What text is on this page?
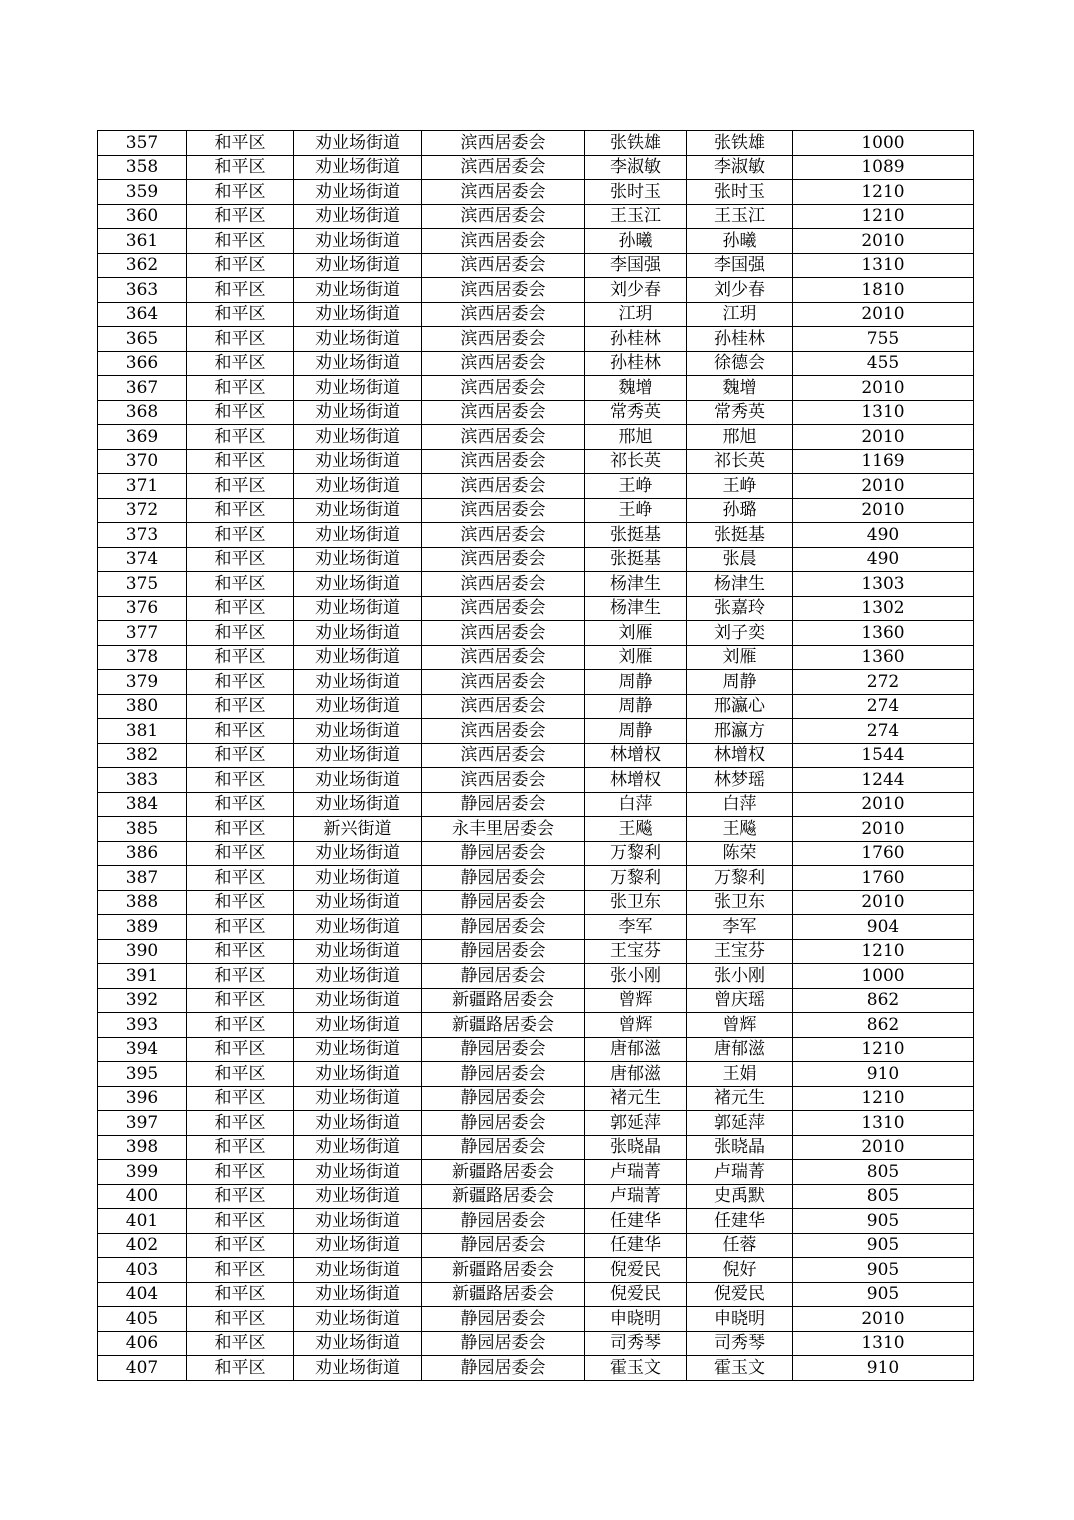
357	和平区	劝业场街道	滨西居委会	张铁雄	张铁雄	1000
358	和平区	劝业场街道	滨西居委会	李淑敏	李淑敏	1089
359	和平区	劝业场街道	滨西居委会	张时玉	张时玉	1210
360	和平区	劝业场街道	滨西居委会	王玉江	王玉江	1210
361	和平区	劝业场街道	滨西居委会	孙曦	孙曦	2010
362	和平区	劝业场街道	滨西居委会	李国强	李国强	1310
363	和平区	劝业场街道	滨西居委会	刘少春	刘少春	1810
364	和平区	劝业场街道	滨西居委会	江玥	江玥	2010
365	和平区	劝业场街道	滨西居委会	孙桂林	孙桂林	755
366	和平区	劝业场街道	滨西居委会	孙桂林	徐德会	455
367	和平区	劝业场街道	滨西居委会	魏增	魏增	2010
368	和平区	劝业场街道	滨西居委会	常秀英	常秀英	1310
369	和平区	劝业场街道	滨西居委会	邢旭	邢旭	2010
370	和平区	劝业场街道	滨西居委会	祁长英	祁长英	1169
371	和平区	劝业场街道	滨西居委会	王峥	王峥	2010
372	和平区	劝业场街道	滨西居委会	王峥	孙璐	2010
373	和平区	劝业场街道	滨西居委会	张挺基	张挺基	490
374	和平区	劝业场街道	滨西居委会	张挺基	张晨	490
375	和平区	劝业场街道	滨西居委会	杨津生	杨津生	1303
376	和平区	劝业场街道	滨西居委会	杨津生	张嘉玲	1302
377	和平区	劝业场街道	滨西居委会	刘雁	刘子奕	1360
378	和平区	劝业场街道	滨西居委会	刘雁	刘雁	1360
379	和平区	劝业场街道	滨西居委会	周静	周静	272
380	和平区	劝业场街道	滨西居委会	周静	邢瀛心	274
381	和平区	劝业场街道	滨西居委会	周静	邢瀛方	274
382	和平区	劝业场街道	滨西居委会	林增权	林增权	1544
383	和平区	劝业场街道	滨西居委会	林增权	林梦瑶	1244
384	和平区	劝业场街道	静园居委会	白萍	白萍	2010
385	和平区	新兴街道	永丰里居委会	王飚	王飚	2010
386	和平区	劝业场街道	静园居委会	万黎利	陈荣	1760
387	和平区	劝业场街道	静园居委会	万黎利	万黎利	1760
388	和平区	劝业场街道	静园居委会	张卫东	张卫东	2010
389	和平区	劝业场街道	静园居委会	李军	李军	904
390	和平区	劝业场街道	静园居委会	王宝芬	王宝芬	1210
391	和平区	劝业场街道	静园居委会	张小刚	张小刚	1000
392	和平区	劝业场街道	新疆路居委会	曾辉	曾庆瑶	862
393	和平区	劝业场街道	新疆路居委会	曾辉	曾辉	862
394	和平区	劝业场街道	静园居委会	唐郁滋	唐郁滋	1210
395	和平区	劝业场街道	静园居委会	唐郁滋	王娟	910
396	和平区	劝业场街道	静园居委会	褚元生	褚元生	1210
397	和平区	劝业场街道	静园居委会	郭延萍	郭延萍	1310
398	和平区	劝业场街道	静园居委会	张晓晶	张晓晶	2010
399	和平区	劝业场街道	新疆路居委会	卢瑞菁	卢瑞菁	805
400	和平区	劝业场街道	新疆路居委会	卢瑞菁	史禹默	805
401	和平区	劝业场街道	静园居委会	任建华	任建华	905
402	和平区	劝业场街道	静园居委会	任建华	任蓉	905
403	和平区	劝业场街道	新疆路居委会	倪爱民	倪好	905
404	和平区	劝业场街道	新疆路居委会	倪爱民	倪爱民	905
405	和平区	劝业场街道	静园居委会	申晓明	申晓明	2010
406	和平区	劝业场街道	静园居委会	司秀琴	司秀琴	1310
407	和平区	劝业场街道	静园居委会	霍玉文	霍玉文	910
